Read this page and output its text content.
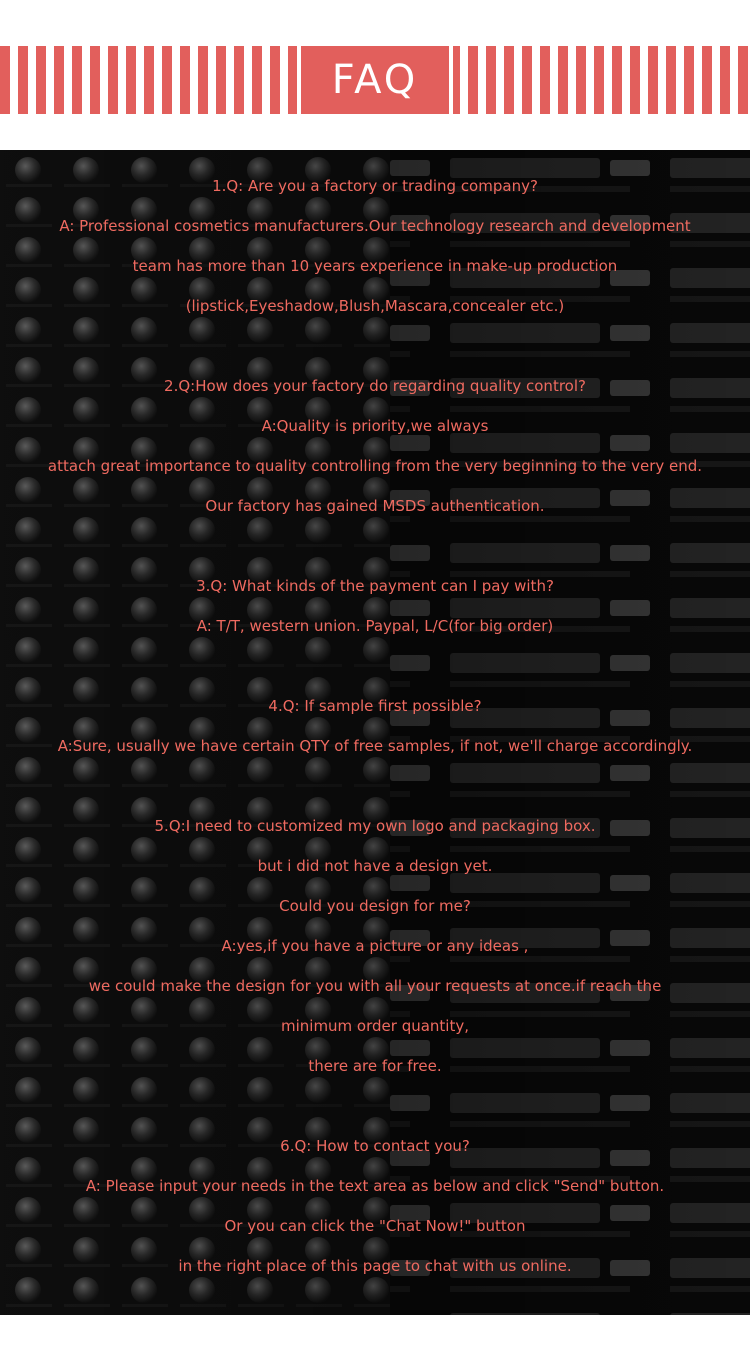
FAQ
1.Q: Are you a factory or trading company?
A: Professional cosmetics manufacturers.Our technology research and development
team has more than 10 years experience in make-up production
(lipstick,Eyeshadow,Blush,Mascara,concealer etc.)
2.Q:How does your factory do regarding quality control?
A:Quality is priority,we always
attach great importance to quality controlling from the very beginning to the very end.
Our factory has gained MSDS authentication.
3.Q: What kinds of the payment can I pay with?
A: T/T, western union. Paypal, L/C(for big order)
4.Q: If sample first possible?
A:Sure, usually we have certain QTY of free samples, if not, we'll charge accordingly.
5.Q:I need to customized my own logo and packaging box.
but i did not have a design yet.
Could you design for me?
A:yes,if you have a picture or any ideas ,
we could make the design for you with all your requests at once.if reach the
minimum order quantity,
there are for free.
6.Q: How to contact you?
A: Please input your needs in the text area as below and click "Send" button.
Or you can click the "Chat Now!" button
in the right place of this page to chat with us online.
